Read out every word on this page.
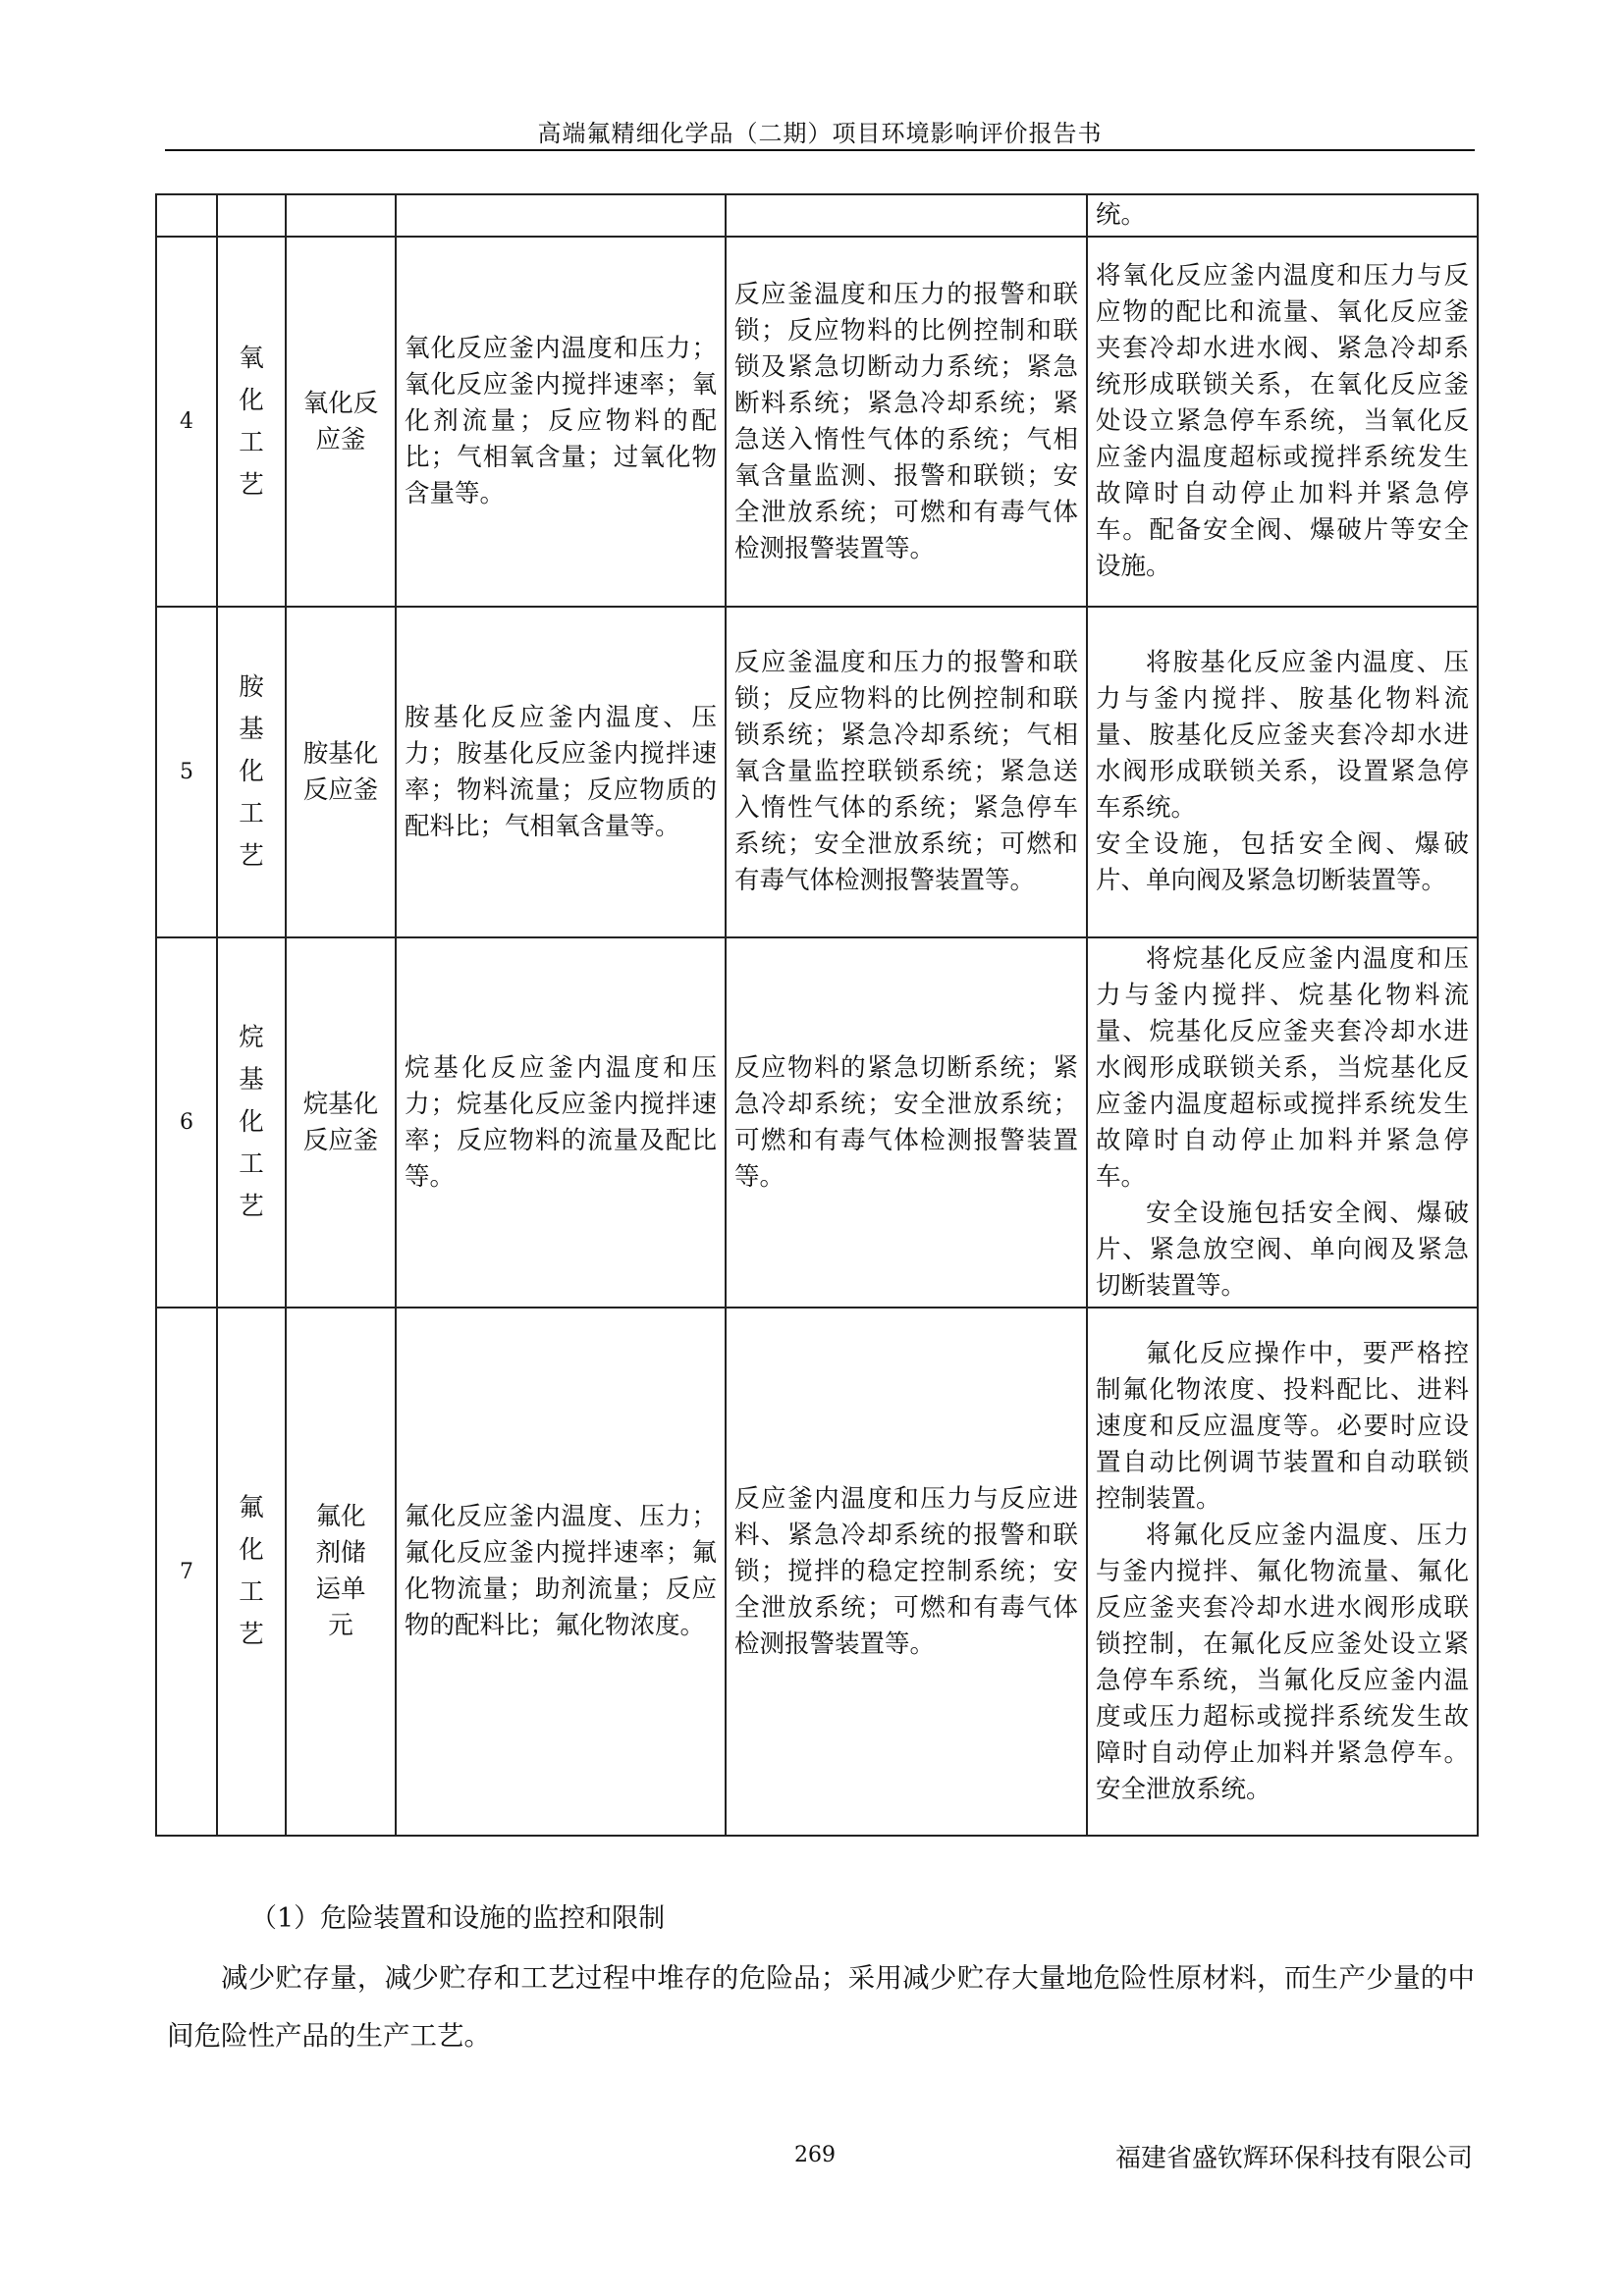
高端氟精细化学品（二期）项目环境影响评价报告书
					统。
4	氧化工艺	氧化反应釜	氧化反应釜内温度和压力；氧化反应釜内搅拌速率；氧化剂流量；反应物料的配比；气相氧含量；过氧化物含量等。	反应釜温度和压力的报警和联锁；反应物料的比例控制和联锁及紧急切断动力系统；紧急断料系统；紧急冷却系统；紧急送入惰性气体的系统；气相氧含量监测、报警和联锁；安全泄放系统；可燃和有毒气体检测报警装置等。	将氧化反应釜内温度和压力与反应物的配比和流量、氧化反应釜夹套冷却水进水阀、紧急冷却系统形成联锁关系，在氧化反应釜处设立紧急停车系统，当氧化反应釜内温度超标或搅拌系统发生故障时自动停止加料并紧急停车。配备安全阀、爆破片等安全设施。

5	胺基化工艺	胺基化反应釜	胺基化反应釜内温度、压力；胺基化反应釜内搅拌速率；物料流量；反应物质的配料比；气相氧含量等。	反应釜温度和压力的报警和联锁；反应物料的比例控制和联锁系统；紧急冷却系统；气相氧含量监控联锁系统；紧急送入惰性气体的系统；紧急停车系统；安全泄放系统；可燃和有毒气体检测报警装置等。	将胺基化反应釜内温度、压力与釜内搅拌、胺基化物料流量、胺基化反应釜夹套冷却水进水阀形成联锁关系，设置紧急停车系统。

安全设施，包括安全阀、爆破片、单向阀及紧急切断装置等。

6	烷基化工艺	烷基化反应釜	烷基化反应釜内温度和压力；烷基化反应釜内搅拌速率；反应物料的流量及配比等。	反应物料的紧急切断系统；紧急冷却系统；安全泄放系统；可燃和有毒气体检测报警装置等。	将烷基化反应釜内温度和压力与釜内搅拌、烷基化物料流量、烷基化反应釜夹套冷却水进水阀形成联锁关系，当烷基化反应釜内温度超标或搅拌系统发生故障时自动停止加料并紧急停车。

安全设施包括安全阀、爆破片、紧急放空阀、单向阀及紧急切断装置等。

7	氟化工艺	氟化剂储运单元	氟化反应釜内温度、压力；氟化反应釜内搅拌速率；氟化物流量；助剂流量；反应物的配料比；氟化物浓度。	反应釜内温度和压力与反应进料、紧急冷却系统的报警和联锁；搅拌的稳定控制系统；安全泄放系统；可燃和有毒气体检测报警装置等。	氟化反应操作中，要严格控制氟化物浓度、投料配比、进料速度和反应温度等。必要时应设置自动比例调节装置和自动联锁控制装置。

将氟化反应釜内温度、压力与釜内搅拌、氟化物流量、氟化反应釜夹套冷却水进水阀形成联锁控制，在氟化反应釜处设立紧急停车系统，当氟化反应釜内温度或压力超标或搅拌系统发生故障时自动停止加料并紧急停车。安全泄放系统。

（1）危险装置和设施的监控和限制
减少贮存量，减少贮存和工艺过程中堆存的危险品；采用减少贮存大量地危险性原材料，而生产少量的中间危险性产品的生产工艺。
269	福建省盛钦辉环保科技有限公司
